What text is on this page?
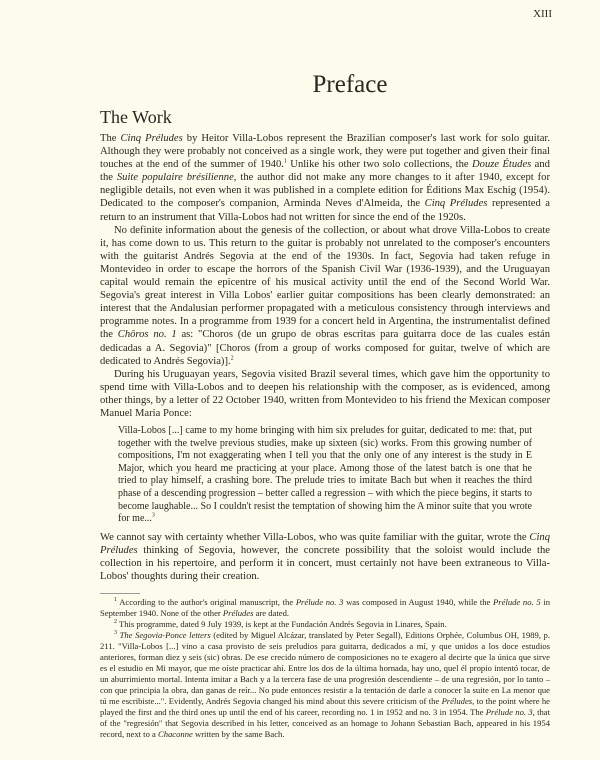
XIII
Preface
The Work

The Cinq Préludes by Heitor Villa-Lobos represent the Brazilian composer's last work for solo guitar. Although they were probably not conceived as a single work, they were put together and given their final touches at the end of the summer of 1940.$^1$ Unlike his other two solo collections, the Douze Études and the Suite populaire brésilienne, the author did not make any more changes to it after 1940, except for negligible details, not even when it was published in a complete edition for Éditions Max Eschig (1954). Dedicated to the composer's companion, Arminda Neves d'Almeida, the Cinq Préludes represented a return to an instrument that Villa-Lobos had not written for since the end of the 1920s.

No definite information about the genesis of the collection, or about what drove Villa-Lobos to create it, has come down to us. This return to the guitar is probably not unrelated to the composer's encounters with the guitarist Andrés Segovia at the end of the 1930s. In fact, Segovia had taken refuge in Montevideo in order to escape the horrors of the Spanish Civil War (1936-1939), and the Uruguayan capital would remain the epicentre of his musical activity until the end of the Second World War. Segovia's great interest in Villa Lobos' earlier guitar compositions has been clearly demonstrated: an interest that the Andalusian performer propagated with a meticulous consistency through interviews and programme notes. In a programme from 1939 for a concert held in Argentina, the instrumentalist defined the Chôros no. 1 as: "Choros (de un grupo de obras escritas para guitarra doce de las cuales están dedicadas a A. Segovia)" [Choros (from a group of works composed for guitar, twelve of which are dedicated to Andrés Segovia)].$^2$

During his Uruguayan years, Segovia visited Brazil several times, which gave him the opportunity to spend time with Villa-Lobos and to deepen his relationship with the composer, as is evidenced, among other things, by a letter of 22 October 1940, written from Montevideo to his friend the Mexican composer Manuel Maria Ponce:

Villa-Lobos [...] came to my home bringing with him six preludes for guitar, dedicated to me: that, put together with the twelve previous studies, make up sixteen (sic) works. From this growing number of compositions, I'm not exaggerating when I tell you that the only one of any interest is the study in E Major, which you heard me practicing at your place. Among those of the latest batch is one that he tried to play himself, a crashing bore. The prelude tries to imitate Bach but when it reaches the third phase of a descending progression – better called a regression – with which the piece begins, it starts to become laughable... So I couldn't resist the temptation of showing him the A minor suite that you wrote for me...$^3$

We cannot say with certainty whether Villa-Lobos, who was quite familiar with the guitar, wrote the Cinq Préludes thinking of Segovia, however, the concrete possibility that the soloist would include the collection in his repertoire, and perform it in concert, must certainly not have been extraneous to Villa-Lobos' thoughts during their creation.

$^1$ According to the author's original manuscript, the Prélude no. 3 was composed in August 1940, while the Prélude no. 5 in September 1940. None of the other Préludes are dated.

$^2$ This programme, dated 9 July 1939, is kept at the Fundación Andrés Segovia in Linares, Spain.

$^3$ The Segovia-Ponce letters (edited by Miguel Alcázar, translated by Peter Segall), Editions Orphée, Columbus OH, 1989, p. 211. "Villa-Lobos [...] vino a casa provisto de seis preludios para guitarra, dedicados a mí, y que unidos a los doce estudios anteriores, forman diez y seis (sic) obras. De ese crecido número de composiciones no te exagero al decirte que la única que sirve es el estudio en Mi mayor, que me oíste practicar ahí. Entre los dos de la última hornada, hay uno, quel él propio intentó tocar, de un aburrimiento mortal. Intenta imitar a Bach y a la tercera fase de una progresión descendiente – de una regresión, por lo tanto – con que principia la obra, dan ganas de reír... No pude entonces resistir a la tentación de darle a conocer la suite en La menor que tú me escribiste...". Evidently, Andrés Segovia changed his mind about this severe criticism of the Préludes, to the point where he played the first and the third ones up until the end of his career, recording no. 1 in 1952 and no. 3 in 1954. The Prélude no. 3, that of the "regresión" that Segovia described in his letter, conceived as an homage to Johann Sebastian Bach, appeared in his 1954 record, next to a Chaconne written by the same Bach.
